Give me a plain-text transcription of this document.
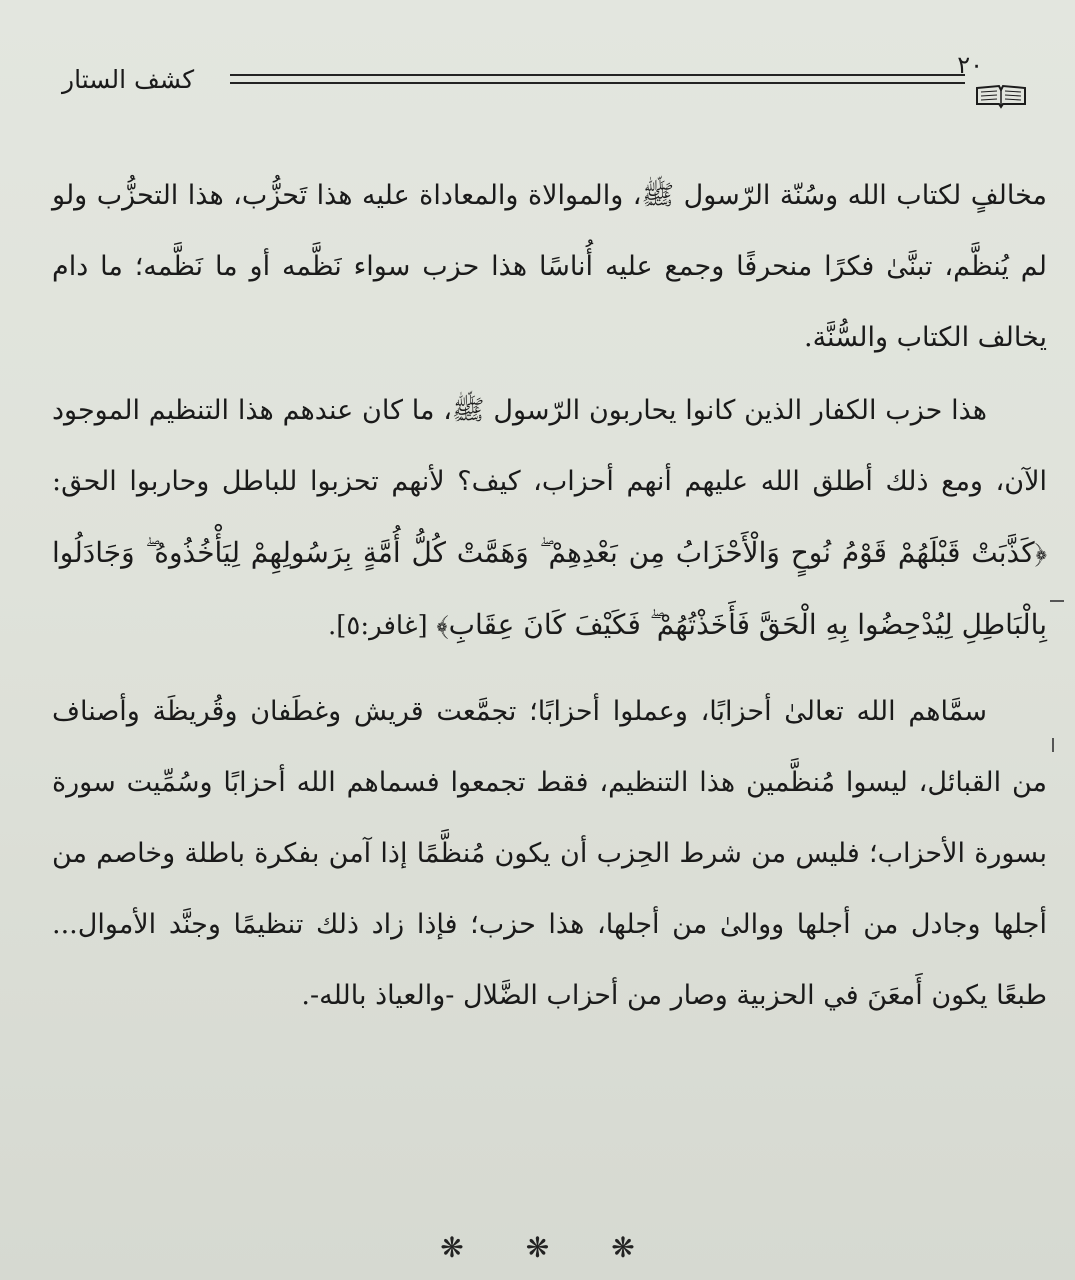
كشف الستار	٢٠

مخالفٍ لكتاب الله وسُنّة الرّسول ﷺ، والموالاة والمعاداة عليه هذا تَحزُّب، هذا التحزُّب ولو لم يُنظَّم، تبنَّىٰ فكرًا منحرفًا وجمع عليه أُناسًا هذا حزب سواء نَظَّمه أو ما نَظَّمه؛ ما دام يخالف الكتاب والسُّنَّة.

هذا حزب الكفار الذين كانوا يحاربون الرّسول ﷺ، ما كان عندهم هذا التنظيم الموجود الآن، ومع ذلك أطلق الله عليهم أنهم أحزاب، كيف؟ لأنهم تحزبوا للباطل وحاربوا الحق: ﴿كَذَّبَتْ قَبْلَهُمْ قَوْمُ نُوحٍ وَالْأَحْزَابُ مِن بَعْدِهِمْ ۖ وَهَمَّتْ كُلُّ أُمَّةٍ بِرَسُولِهِمْ لِيَأْخُذُوهُ ۖ وَجَادَلُوا بِالْبَاطِلِ لِيُدْحِضُوا بِهِ الْحَقَّ فَأَخَذْتُهُمْ ۖ فَكَيْفَ كَانَ عِقَابِ﴾ [غافر:٥].

سمَّاهم الله تعالىٰ أحزابًا، وعملوا أحزابًا؛ تجمَّعت قريش وغطَفان وقُريظَة وأصناف من القبائل، ليسوا مُنظَّمين هذا التنظيم، فقط تجمعوا فسماهم الله أحزابًا وسُمِّيت سورة بسورة الأحزاب؛ فليس من شرط الحِزب أن يكون مُنظَّمًا إذا آمن بفكرة باطلة وخاصم من أجلها وجادل من أجلها ووالىٰ من أجلها، هذا حزب؛ فإذا زاد ذلك تنظيمًا وجنَّد الأموال... طبعًا يكون أَمعَنَ في الحزبية وصار من أحزاب الضَّلال -والعياذ بالله-.

❋ ❋ ❋
